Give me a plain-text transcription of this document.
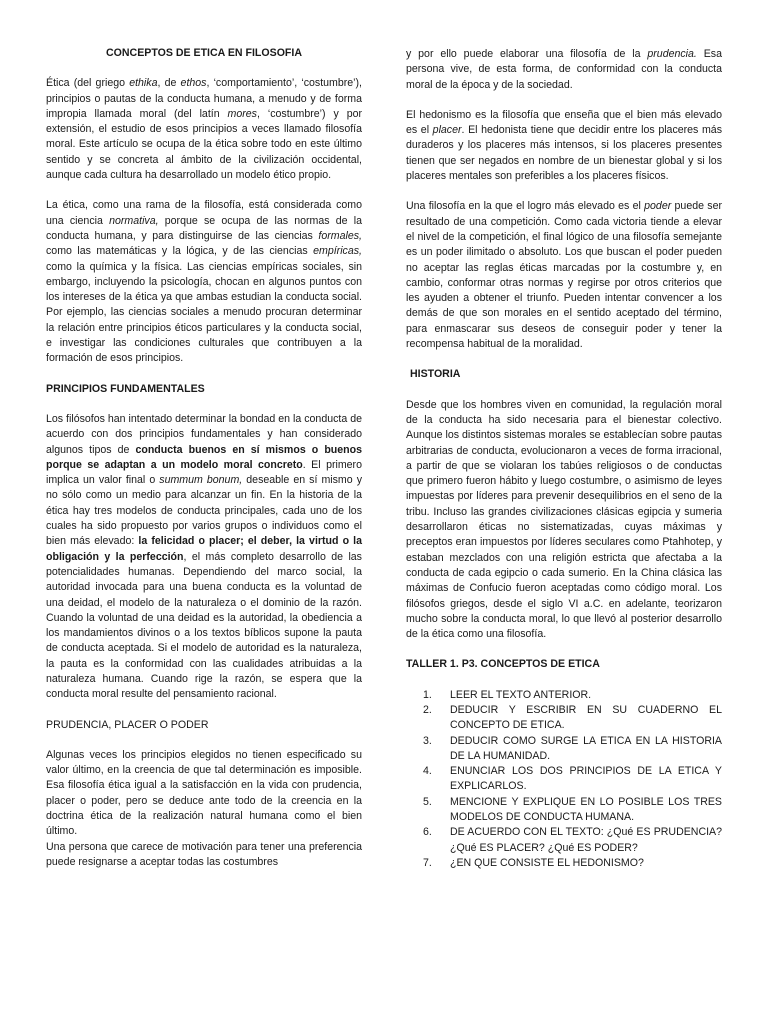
CONCEPTOS DE ETICA EN FILOSOFIA

Ética (del griego ethika, de ethos, ‘comportamiento’, ‘costumbre’), principios o pautas de la conducta humana, a menudo y de forma impropia llamada moral (del latín mores, ‘costumbre’) y por extensión, el estudio de esos principios a veces llamado filosofía moral. Este artículo se ocupa de la ética sobre todo en este último sentido y se concreta al ámbito de la civilización occidental, aunque cada cultura ha desarrollado un modelo ético propio.

La ética, como una rama de la filosofía, está considerada como una ciencia normativa, porque se ocupa de las normas de la conducta humana, y para distinguirse de las ciencias formales, como las matemáticas y la lógica, y de las ciencias empíricas, como la química y la física. Las ciencias empíricas sociales, sin embargo, incluyendo la psicología, chocan en algunos puntos con los intereses de la ética ya que ambas estudian la conducta social. Por ejemplo, las ciencias sociales a menudo procuran determinar la relación entre principios éticos particulares y la conducta social, e investigar las condiciones culturales que contribuyen a la formación de esos principios.

PRINCIPIOS FUNDAMENTALES

Los filósofos han intentado determinar la bondad en la conducta de acuerdo con dos principios fundamentales y han considerado algunos tipos de conducta buenos en sí mismos o buenos porque se adaptan a un modelo moral concreto. El primero implica un valor final o summum bonum, deseable en sí mismo y no sólo como un medio para alcanzar un fin. En la historia de la ética hay tres modelos de conducta principales, cada uno de los cuales ha sido propuesto por varios grupos o individuos como el bien más elevado: la felicidad o placer; el deber, la virtud o la obligación y la perfección, el más completo desarrollo de las potencialidades humanas. Dependiendo del marco social, la autoridad invocada para una buena conducta es la voluntad de una deidad, el modelo de la naturaleza o el dominio de la razón. Cuando la voluntad de una deidad es la autoridad, la obediencia a los mandamientos divinos o a los textos bíblicos supone la pauta de conducta aceptada. Si el modelo de autoridad es la naturaleza, la pauta es la conformidad con las cualidades atribuidas a la naturaleza humana. Cuando rige la razón, se espera que la conducta moral resulte del pensamiento racional.

PRUDENCIA, PLACER O PODER

Algunas veces los principios elegidos no tienen especificado su valor último, en la creencia de que tal determinación es imposible. Esa filosofía ética igual a la satisfacción en la vida con prudencia, placer o poder, pero se deduce ante todo de la creencia en la doctrina ética de la realización natural humana como el bien último.

Una persona que carece de motivación para tener una preferencia puede resignarse a aceptar todas las costumbres

y por ello puede elaborar una filosofía de la prudencia. Esa persona vive, de esta forma, de conformidad con la conducta moral de la época y de la sociedad.

El hedonismo es la filosofía que enseña que el bien más elevado es el placer. El hedonista tiene que decidir entre los placeres más duraderos y los placeres más intensos, si los placeres presentes tienen que ser negados en nombre de un bienestar global y si los placeres mentales son preferibles a los placeres físicos.

Una filosofía en la que el logro más elevado es el poder puede ser resultado de una competición. Como cada victoria tiende a elevar el nivel de la competición, el final lógico de una filosofía semejante es un poder ilimitado o absoluto. Los que buscan el poder pueden no aceptar las reglas éticas marcadas por la costumbre y, en cambio, conformar otras normas y regirse por otros criterios que les ayuden a obtener el triunfo. Pueden intentar convencer a los demás de que son morales en el sentido aceptado del término, para enmascarar sus deseos de conseguir poder y tener la recompensa habitual de la moralidad.

HISTORIA

Desde que los hombres viven en comunidad, la regulación moral de la conducta ha sido necesaria para el bienestar colectivo. Aunque los distintos sistemas morales se establecían sobre pautas arbitrarias de conducta, evolucionaron a veces de forma irracional, a partir de que se violaran los tabúes religiosos o de conductas que primero fueron hábito y luego costumbre, o asimismo de leyes impuestas por líderes para prevenir desequilibrios en el seno de la tribu. Incluso las grandes civilizaciones clásicas egipcia y sumeria desarrollaron éticas no sistematizadas, cuyas máximas y preceptos eran impuestos por líderes seculares como Ptahhotep, y estaban mezclados con una religión estricta que afectaba a la conducta de cada egipcio o cada sumerio. En la China clásica las máximas de Confucio fueron aceptadas como código moral. Los filósofos griegos, desde el siglo VI a.C. en adelante, teorizaron mucho sobre la conducta moral, lo que llevó al posterior desarrollo de la ética como una filosofía.

TALLER 1. P3. CONCEPTOS DE ETICA
1. LEER EL TEXTO ANTERIOR.
2. DEDUCIR Y ESCRIBIR EN SU CUADERNO EL CONCEPTO DE ETICA.
3. DEDUCIR COMO SURGE LA ETICA EN LA HISTORIA DE LA HUMANIDAD.
4. ENUNCIAR LOS DOS PRINCIPIOS DE LA ETICA Y EXPLICARLOS.
5. MENCIONE Y EXPLIQUE EN LO POSIBLE LOS TRES MODELOS DE CONDUCTA HUMANA.
6. DE ACUERDO CON EL TEXTO: ¿Qué ES PRUDENCIA? ¿Qué ES PLACER? ¿Qué ES PODER?
7. ¿EN QUE CONSISTE EL HEDONISMO?
